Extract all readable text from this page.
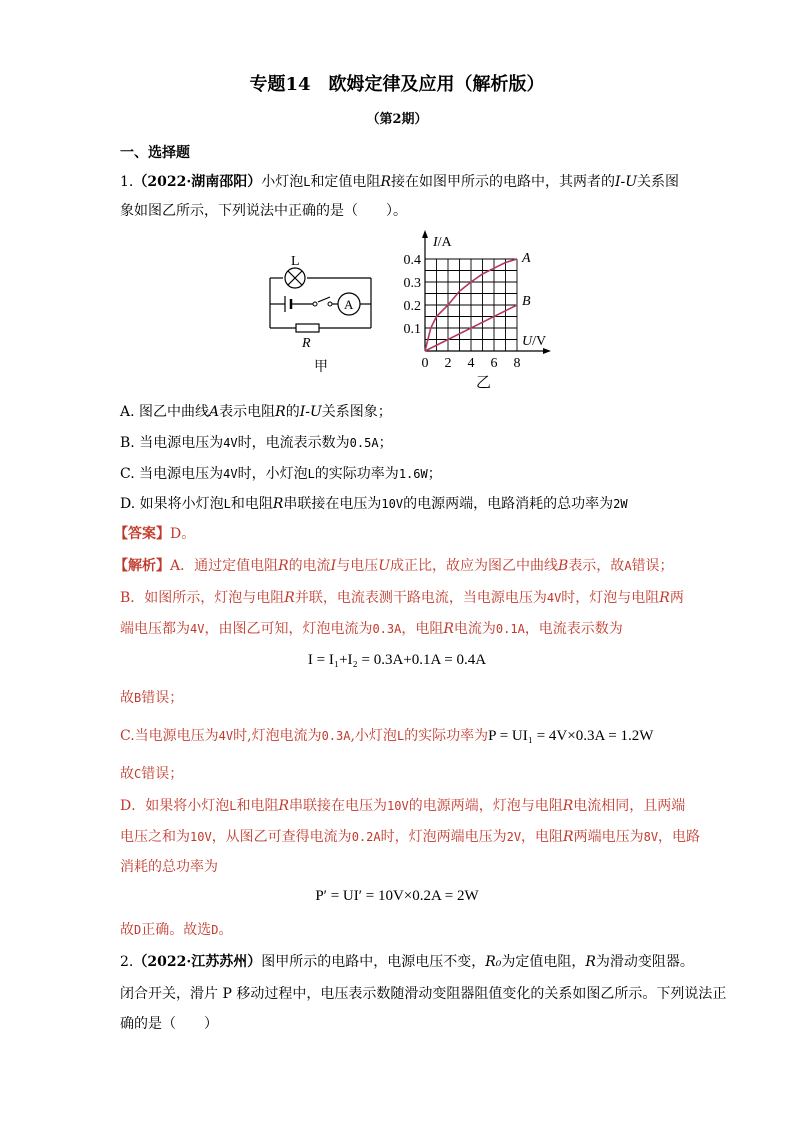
专题14　欧姆定律及应用（解析版）
（第2期）
一、选择题
1.（2022·湖南邵阳）小灯泡L和定值电阻R接在如图甲所示的电路中，其两者的I-U关系图
象如图乙所示，下列说法中正确的是（　　）。
L
A
R
甲
I/A
U/V
0.1
0.2
0.3
0.4
0 2 4 6 8
A
B
乙
A. 图乙中曲线A表示电阻R的I-U关系图象；
B. 当电源电压为4V时，电流表示数为0.5A；
C. 当电源电压为4V时，小灯泡L的实际功率为1.6W；
D. 如果将小灯泡L和电阻R串联接在电压为10V的电源两端，电路消耗的总功率为2W
【答案】D。
【解析】A．通过定值电阻R的电流I与电压U成正比，故应为图乙中曲线B表示，故A错误；
B．如图所示，灯泡与电阻R并联，电流表测干路电流，当电源电压为4V时，灯泡与电阻R两
端电压都为4V，由图乙可知，灯泡电流为0.3A，电阻R电流为0.1A，电流表示数为
I = I₁+I₂ = 0.3A+0.1A = 0.4A
故B错误；
C.当电源电压为4V时,灯泡电流为0.3A,小灯泡L的实际功率为P = UI₁ = 4V×0.3A = 1.2W
故C错误；
D．如果将小灯泡L和电阻R串联接在电压为10V的电源两端，灯泡与电阻R电流相同，且两端
电压之和为10V，从图乙可查得电流为0.2A时，灯泡两端电压为2V，电阻R两端电压为8V，电路
消耗的总功率为
P′ = UI′ = 10V×0.2A = 2W
故D正确。故选D。
2.（2022·江苏苏州）图甲所示的电路中，电源电压不变，R₀为定值电阻，R为滑动变阻器。
闭合开关，滑片 P 移动过程中，电压表示数随滑动变阻器阻值变化的关系如图乙所示。下列说法正
确的是（　　）
